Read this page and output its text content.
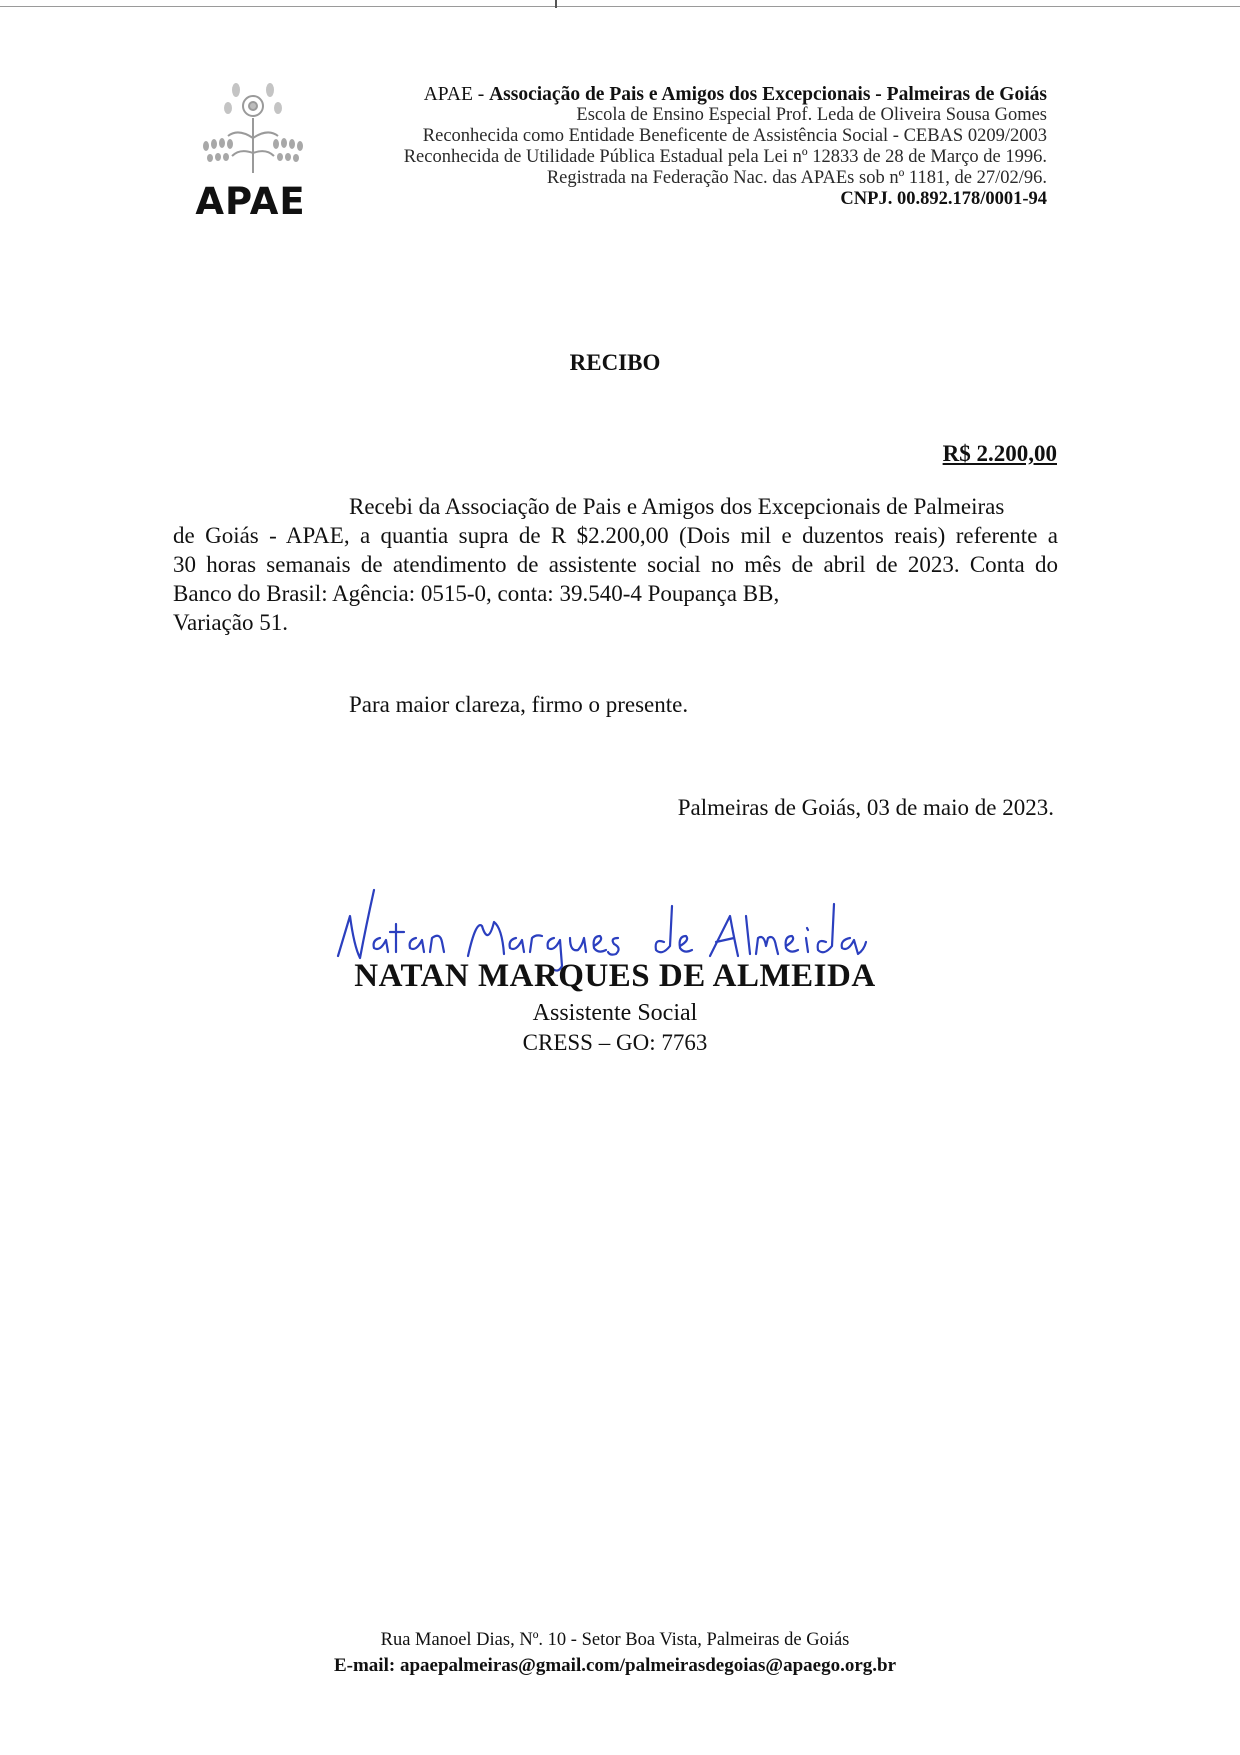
APAE
APAE - Associação de Pais e Amigos dos Excepcionais - Palmeiras de Goiás
Escola de Ensino Especial Prof. Leda de Oliveira Sousa Gomes
Reconhecida como Entidade Beneficente de Assistência Social - CEBAS 0209/2003
Reconhecida de Utilidade Pública Estadual pela Lei nº 12833 de 28 de Março de 1996.
Registrada na Federação Nac. das APAEs sob nº 1181, de 27/02/96.
CNPJ. 00.892.178/0001-94
RECIBO
R$ 2.200,00
Recebi da Associação de Pais e Amigos dos Excepcionais de Palmeiras
de Goiás - APAE, a quantia supra de R $2.200,00 (Dois mil e duzentos reais) referente a
30 horas semanais de atendimento de assistente social no mês de abril de 2023. Conta do
Banco do Brasil: Agência: 0515-0, conta: 39.540-4 Poupança BB,
Variação 51.
Para maior clareza, firmo o presente.
Palmeiras de Goiás, 03 de maio de 2023.
NATAN MARQUES DE ALMEIDA
Assistente Social
CRESS – GO: 7763
Rua Manoel Dias, Nº. 10 - Setor Boa Vista, Palmeiras de Goiás
E-mail: apaepalmeiras@gmail.com/palmeirasdegoias@apaego.org.br
